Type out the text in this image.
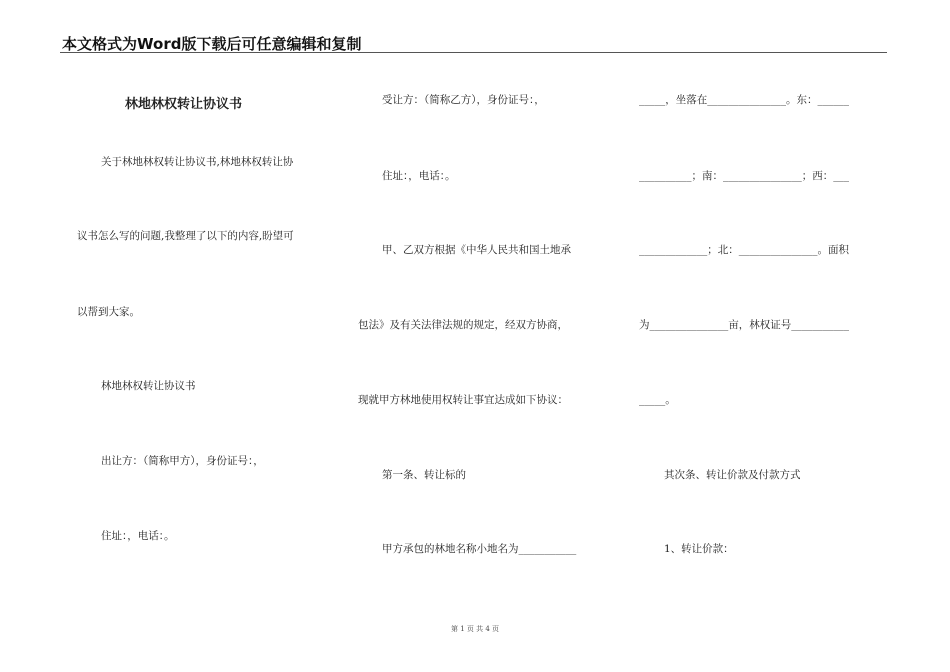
本文格式为Word版下载后可任意编辑和复制
林地林权转让协议书
关于林地林权转让协议书,林地林权转让协
议书怎么写的问题,我整理了以下的内容,盼望可
以帮到大家。
林地林权转让协议书
出让方：（简称甲方），身份证号：，
住址：，电话：。
受让方：（简称乙方），身份证号：，
住址：，电话：。
甲、乙双方根据《中华人民共和国土地承
包法》及有关法律法规的规定，经双方协商，
现就甲方林地使用权转让事宜达成如下协议：
第一条、转让标的
甲方承包的林地名称小地名为___________
_____，坐落在_______________。东：______
__________；南：_______________；西：___
_____________；北：_______________。面积
为_______________亩，林权证号___________
_____。
其次条、转让价款及付款方式
1、转让价款：
第 1 页 共 4 页
